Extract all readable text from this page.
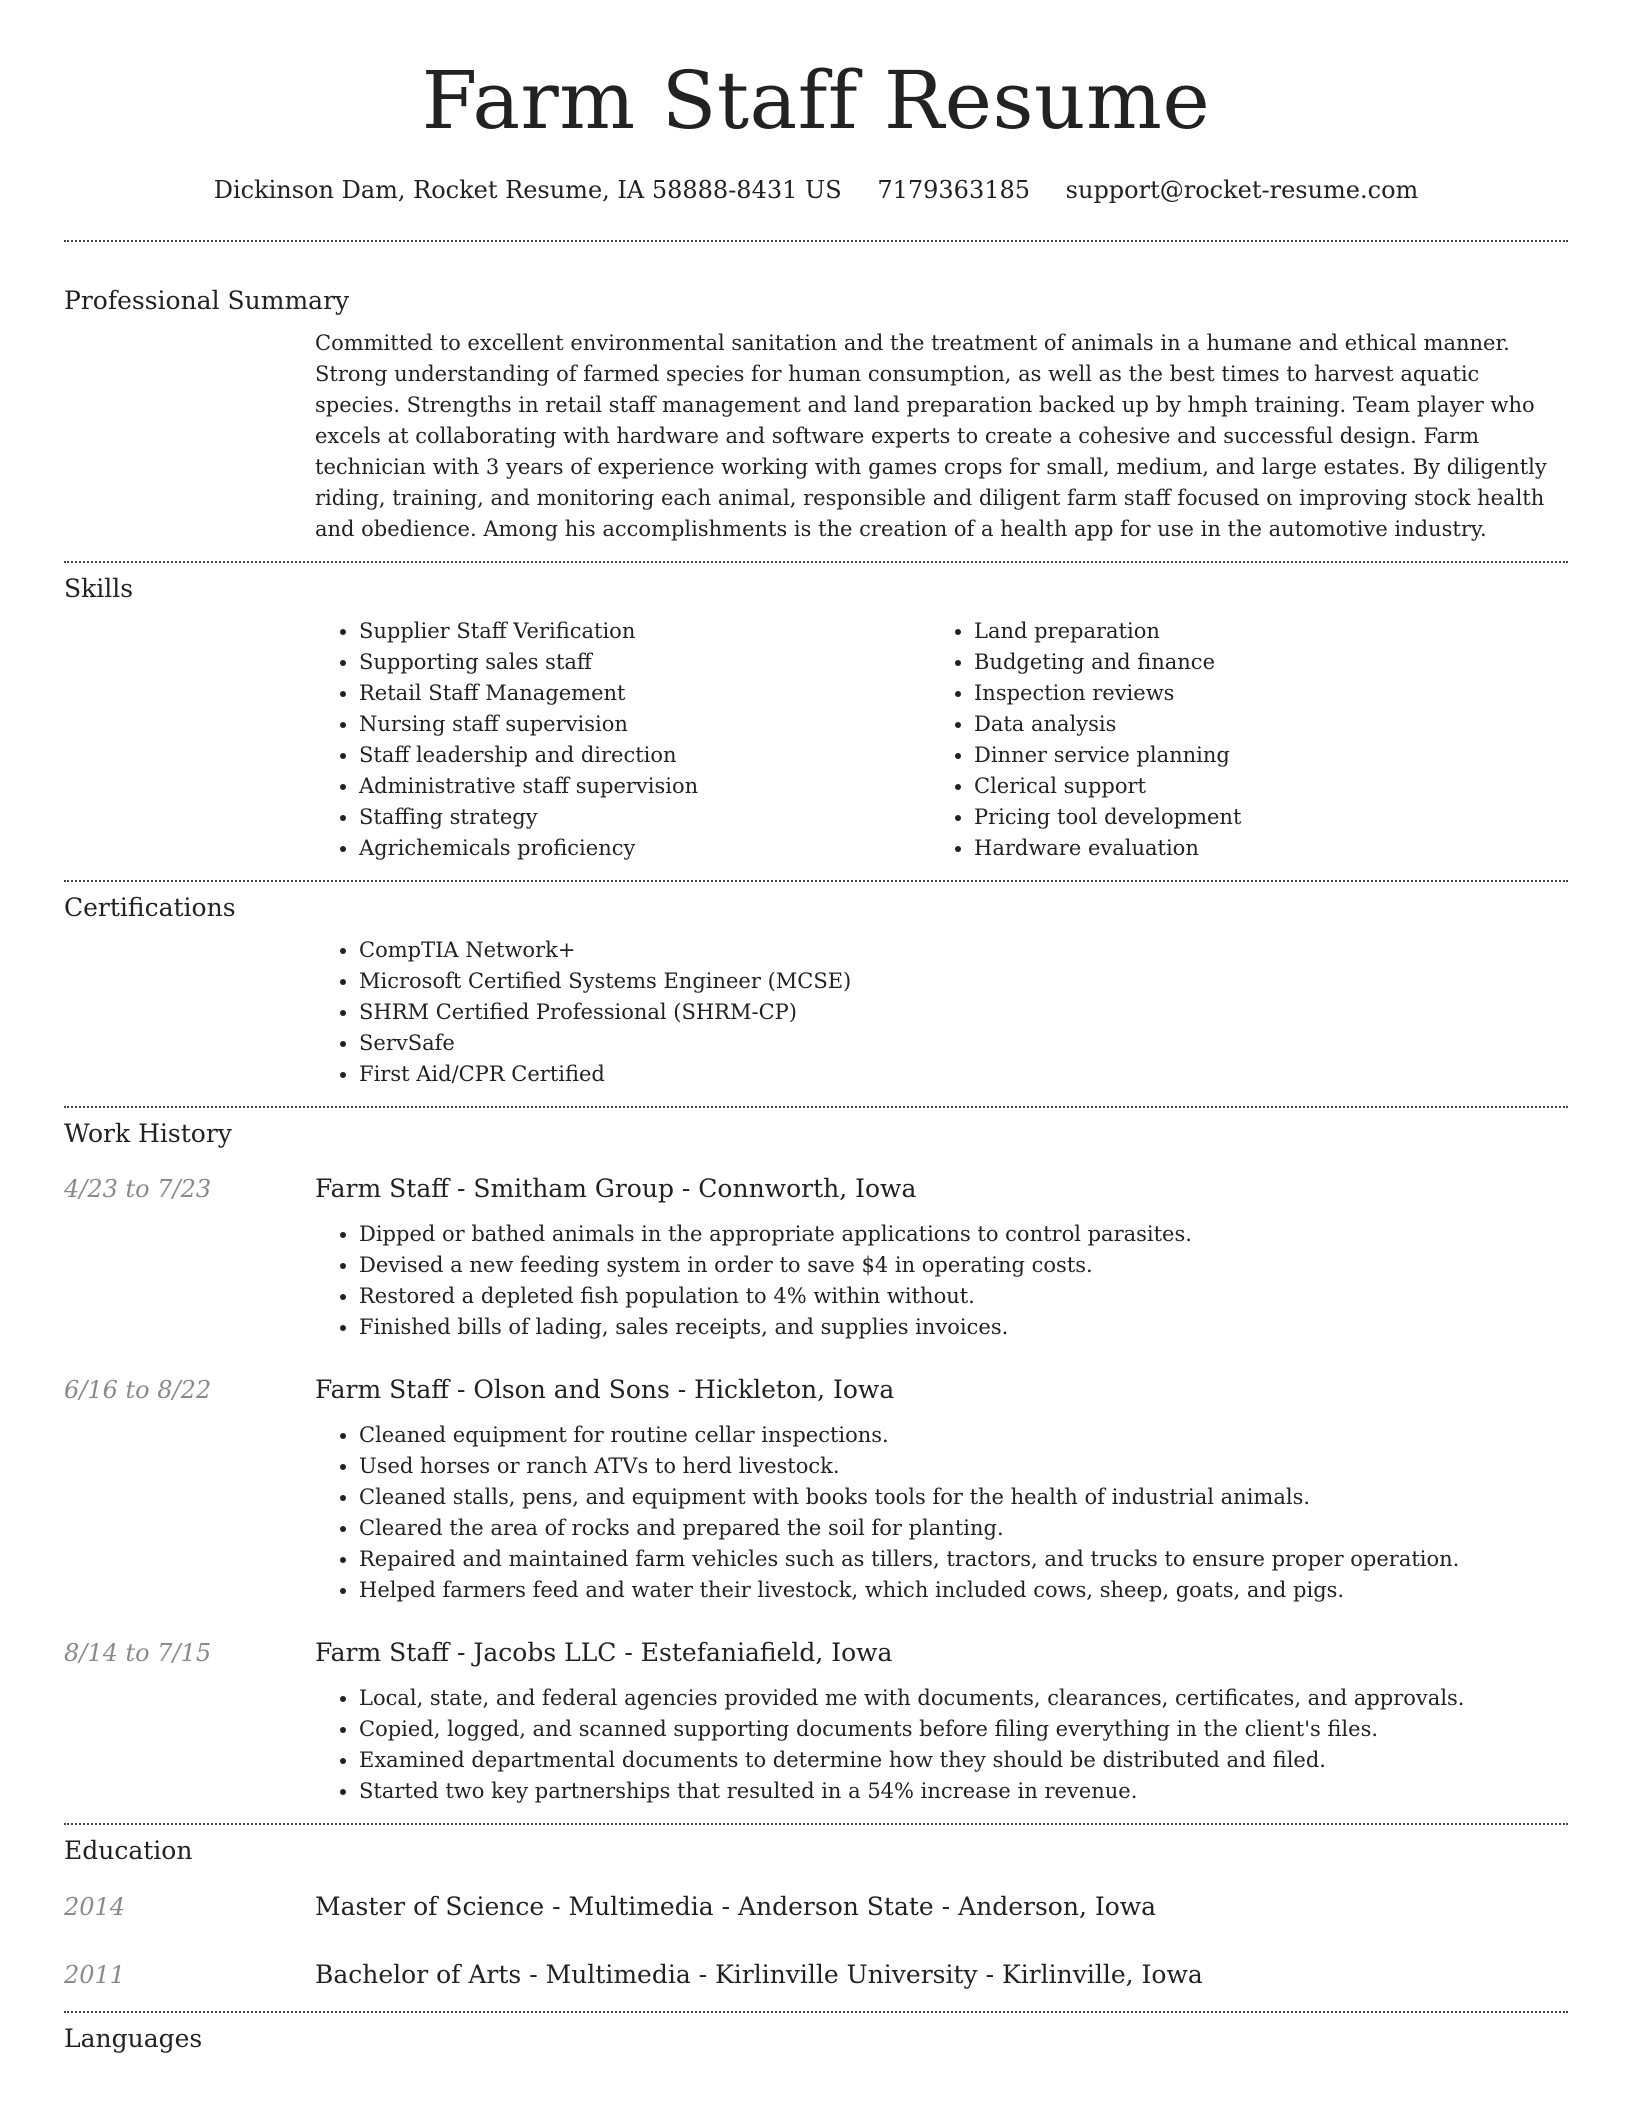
Farm Staff Resume
Dickinson Dam, Rocket Resume, IA 58888-8431 US 7179363185 support@rocket-resume.com
Professional Summary

Committed to excellent environmental sanitation and the treatment of animals in a humane and ethical manner. Strong understanding of farmed species for human consumption, as well as the best times to harvest aquatic species. Strengths in retail staff management and land preparation backed up by hmph training. Team player who excels at collaborating with hardware and software experts to create a cohesive and successful design. Farm technician with 3 years of experience working with games crops for small, medium, and large estates. By diligently riding, training, and monitoring each animal, responsible and diligent farm staff focused on improving stock health and obedience. Among his accomplishments is the creation of a health app for use in the automotive industry.

Skills
• Supplier Staff Verification
• Supporting sales staff
• Retail Staff Management
• Nursing staff supervision
• Staff leadership and direction
• Administrative staff supervision
• Staffing strategy
• Agrichemicals proficiency
• Land preparation
• Budgeting and finance
• Inspection reviews
• Data analysis
• Dinner service planning
• Clerical support
• Pricing tool development
• Hardware evaluation
Certifications
• CompTIA Network+
• Microsoft Certified Systems Engineer (MCSE)
• SHRM Certified Professional (SHRM-CP)
• ServSafe
• First Aid/CPR Certified
Work History
4/23 to 7/23	Farm Staff - Smitham Group - Connworth, Iowa
• Dipped or bathed animals in the appropriate applications to control parasites.
• Devised a new feeding system in order to save $4 in operating costs.
• Restored a depleted fish population to 4% within without.
• Finished bills of lading, sales receipts, and supplies invoices.
6/16 to 8/22	Farm Staff - Olson and Sons - Hickleton, Iowa
• Cleaned equipment for routine cellar inspections.
• Used horses or ranch ATVs to herd livestock.
• Cleaned stalls, pens, and equipment with books tools for the health of industrial animals.
• Cleared the area of rocks and prepared the soil for planting.
• Repaired and maintained farm vehicles such as tillers, tractors, and trucks to ensure proper operation.
• Helped farmers feed and water their livestock, which included cows, sheep, goats, and pigs.
8/14 to 7/15	Farm Staff - Jacobs LLC - Estefaniafield, Iowa
• Local, state, and federal agencies provided me with documents, clearances, certificates, and approvals.
• Copied, logged, and scanned supporting documents before filing everything in the client's files.
• Examined departmental documents to determine how they should be distributed and filed.
• Started two key partnerships that resulted in a 54% increase in revenue.
Education
2014	Master of Science - Multimedia - Anderson State - Anderson, Iowa
2011	Bachelor of Arts - Multimedia - Kirlinville University - Kirlinville, Iowa
Languages
